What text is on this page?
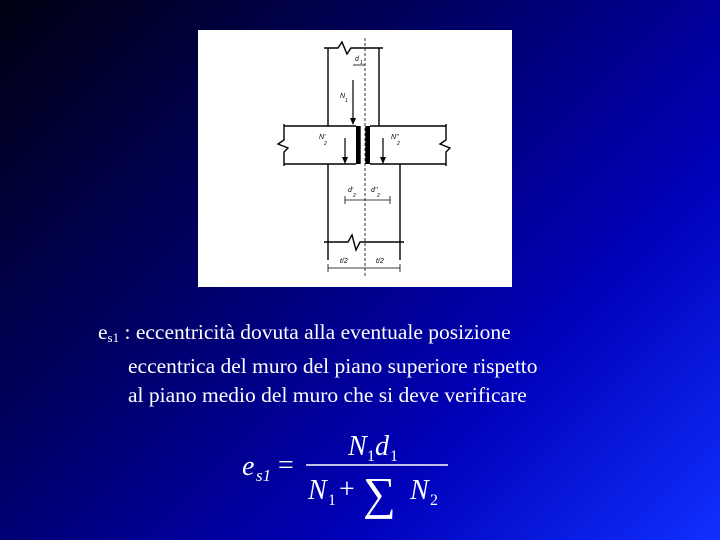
d 1
N
1
N'
2
N''
2
d'
2
d''
2
t/2	t/2
$e_{s1}$ : eccentricità dovuta alla eventuale posizione
eccentrica del muro del piano superiore rispetto
al piano medio del muro che si deve verificare
e s1 =
N 1 d 1
N 1 + ∑ N 2
